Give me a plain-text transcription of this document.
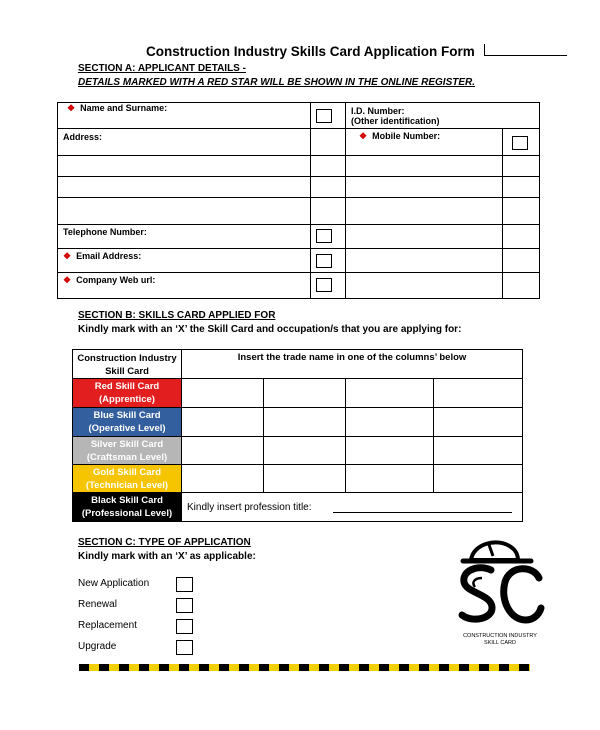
Construction Industry Skills Card Application Form
SECTION A: APPLICANT DETAILS -
DETAILS MARKED WITH A RED STAR WILL BE SHOWN IN THE ONLINE REGISTER.
❖ Name and Surname:		I.D. Number:
(Other identification)	

Address:		❖ Mobile Number:	

Telephone Number:			

❖ Email Address:			

❖ Company Web url:			

SECTION B: SKILLS CARD APPLIED FOR
Kindly mark with an ‘X’ the Skill Card and occupation/s that you are applying for:
Construction Industry Skill Card	Insert the trade name in one of the columns’ below			

Red Skill Card
(Apprentice)				

Blue Skill Card
(Operative Level)				

Silver Skill Card
(Craftsman Level)				

Gold Skill Card
(Technician Level)				

Black Skill Card
(Professional Level)	Kindly insert profession title:			
SECTION C: TYPE OF APPLICATION
Kindly mark with an ‘X’ as applicable:
New Application
Renewal
Replacement
Upgrade
CONSTRUCTION INDUSTRY
SKILL CARD
